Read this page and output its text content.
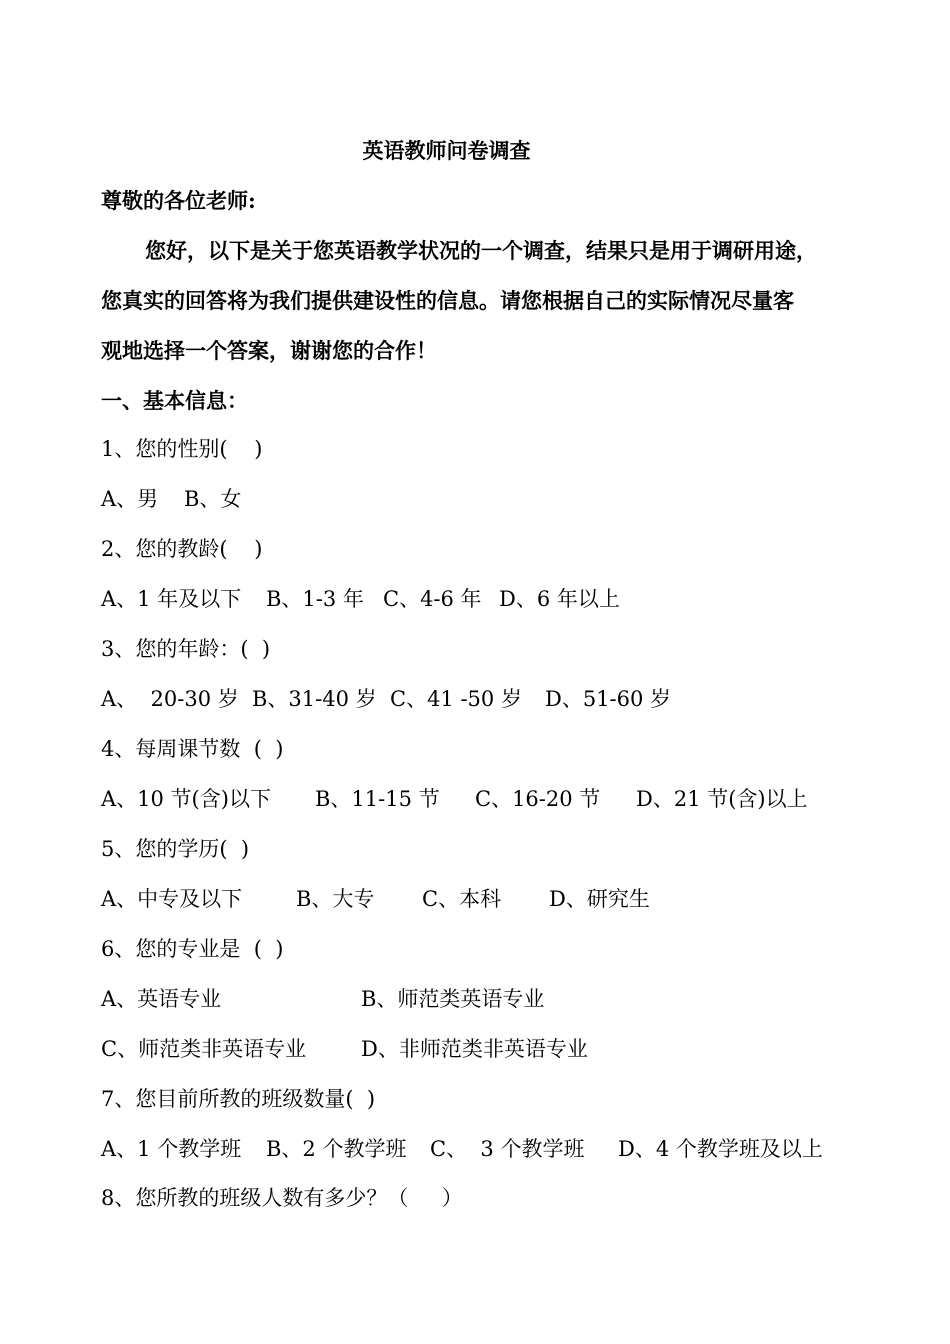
英语教师问卷调查
尊敬的各位老师:
您好，以下是关于您英语教学状况的一个调查，结果只是用于调研用途，
您真实的回答将为我们提供建设性的信息。请您根据自己的实际情况尽量客
观地选择一个答案，谢谢您的合作！
一、基本信息：
1、您的性别(    )
A、男 B、女
2、您的教龄(    )
A、1 年及以下 B、1-3 年 C、4-6 年 D、6 年以上
3、您的年龄：(  )
A、  20-30 岁 B、31-40 岁 C、41 -50 岁 D、51-60 岁
4、每周课节数  (  )
A、10 节(含)以下 B、11-15 节 C、16-20 节 D、21 节(含)以上
5、您的学历(  )
A、中专及以下	B、大专 C、本科 D、研究生
6、您的专业是  (  )
A、英语专业	B、师范类英语专业
C、师范类非英语专业	D、非师范类非英语专业
7、您目前所教的班级数量(  )
A、1 个教学班 B、2 个教学班 C、  3 个教学班 D、4 个教学班及以上
8、您所教的班级人数有多少？（     ）
